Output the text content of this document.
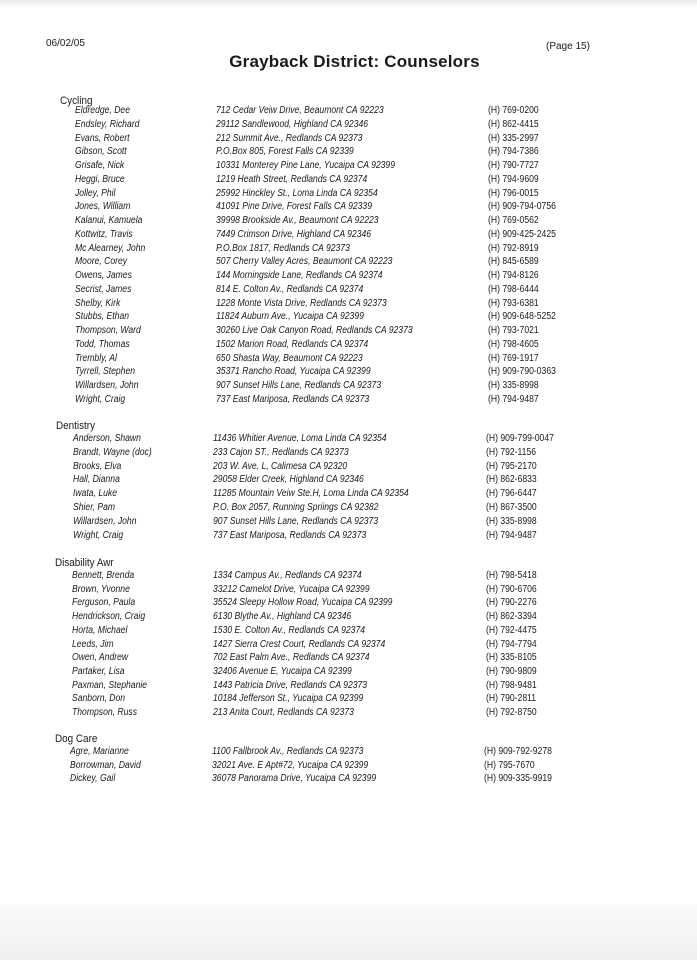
06/02/05	(Page 15)
Grayback District: Counselors
Cycling
Eldredge, Dee	712 Cedar Veiw Drive, Beaumont CA 92223	(H) 769-0200
Endsley, Richard	29112 Sandlewood, Highland CA 92346	(H) 862-4415
Evans, Robert	212 Summit Ave., Redlands CA 92373	(H) 335-2997
Gibson, Scott	P.O.Box 805, Forest Falls CA 92339	(H) 794-7386
Grisafe, Nick	10331 Monterey Pine Lane, Yucaipa CA 92399	(H) 790-7727
Heggi, Bruce	1219 Heath Street, Redlands CA 92374	(H) 794-9609
Jolley, Phil	25992 Hinckley St., Loma Linda CA 92354	(H) 796-0015
Jones, William	41091 Pine Drive, Forest Falls CA 92339	(H) 909-794-0756
Kalanui, Kamuela	39998 Brookside Av., Beaumont CA 92223	(H) 769-0562
Kottwitz, Travis	7449 Crimson Drive, Highland CA 92346	(H) 909-425-2425
Mc Alearney, John	P.O.Box 1817, Redlands CA 92373	(H) 792-8919
Moore, Corey	507 Cherry Valley Acres, Beaumont CA 92223	(H) 845-6589
Owens, James	144 Morningside Lane, Redlands CA 92374	(H) 794-8126
Secrist, James	814 E. Colton Av., Redlands CA 92374	(H) 798-6444
Shelby, Kirk	1228 Monte Vista Drive, Redlands CA 92373	(H) 793-6381
Stubbs, Ethan	11824 Auburn Ave., Yucaipa CA 92399	(H) 909-648-5252
Thompson, Ward	30260 Live Oak Canyon Road, Redlands CA 92373	(H) 793-7021
Todd, Thomas	1502 Marion Road, Redlands CA 92374	(H) 798-4605
Trembly, Al	650 Shasta Way, Beaumont CA 92223	(H) 769-1917
Tyrrell, Stephen	35371 Rancho Road, Yucaipa CA 92399	(H) 909-790-0363
Willardsen, John	907 Sunset Hills Lane, Redlands CA 92373	(H) 335-8998
Wright, Craig	737 East Mariposa, Redlands CA 92373	(H) 794-9487
Dentistry
Anderson, Shawn	11436 Whitier Avenue, Loma Linda CA 92354	(H) 909-799-0047
Brandt, Wayne (doc)	233 Cajon ST., Redlands CA 92373	(H) 792-1156
Brooks, Elva	203 W. Ave. L, Calimesa CA 92320	(H) 795-2170
Hall, Dianna	29058 Elder Creek, Highland CA 92346	(H) 862-6833
Iwata, Luke	11285 Mountain Veiw Ste.H, Loma Linda CA 92354	(H) 796-6447
Shier, Pam	P.O. Box 2057, Running Spriings CA 92382	(H) 867-3500
Willardsen, John	907 Sunset Hills Lane, Redlands CA 92373	(H) 335-8998
Wright, Craig	737 East Mariposa, Redlands CA 92373	(H) 794-9487
Disability Awr
Bennett, Brenda	1334 Campus Av., Redlands CA 92374	(H) 798-5418
Brown, Yvonne	33212 Camelot Drive, Yucaipa CA 92399	(H) 790-6706
Ferguson, Paula	35524 Sleepy Hollow Road, Yucaipa CA 92399	(H) 790-2276
Hendrickson, Craig	6130 Blythe Av., Highland CA 92346	(H) 862-3394
Horta, Michael	1530 E. Colton Av., Redlands CA 92374	(H) 792-4475
Leeds, Jim	1427 Sierra Crest Court, Redlands CA 92374	(H) 794-7794
Owen, Andrew	702 East Palm Ave., Redlands CA 92374	(H) 335-8105
Partaker, Lisa	32406 Avenue E, Yucaipa CA 92399	(H) 790-9809
Paxman, Stephanie	1443 Patricia Drive, Redlands CA 92373	(H) 798-9481
Sanborn, Don	10184 Jefferson St., Yucaipa CA 92399	(H) 790-2811
Thompson, Russ	213 Anita Court, Redlands CA 92373	(H) 792-8750
Dog Care
Agre, Marianne	1100 Fallbrook Av., Redlands CA 92373	(H) 909-792-9278
Borrowman, David	32021 Ave. E Apt#72, Yucaipa CA 92399	(H) 795-7670
Dickey, Gail	36078 Panorama Drive, Yucaipa CA 92399	(H) 909-335-9919
